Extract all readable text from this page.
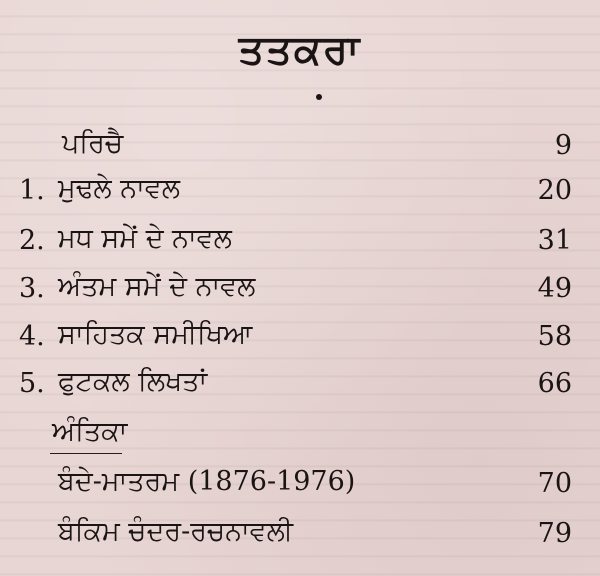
ਤਤਕਰਾ
ਪਰਿਚੈ	9
1. ਮੁਢਲੇ ਨਾਵਲ	20
2. ਮਧ ਸਮੇਂ ਦੇ ਨਾਵਲ	31
3. ਅੰਤਮ ਸਮੇਂ ਦੇ ਨਾਵਲ	49
4. ਸਾਹਿਤਕ ਸਮੀਖਿਆ	58
5. ਫੁਟਕਲ ਲਿਖਤਾਂ	66
ਅੰਤਿਕਾ
ਬੰਦੇ-ਮਾਤਰਮ (1876-1976)	70
ਬੰਕਿਮ ਚੰਦਰ-ਰਚਨਾਵਲੀ	79
